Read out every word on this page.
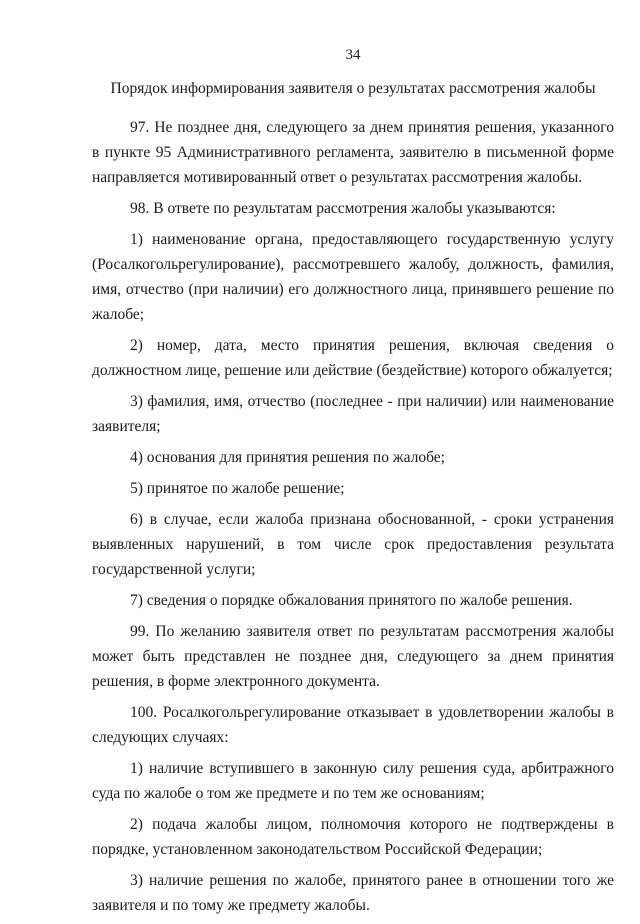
34
Порядок информирования заявителя о результатах рассмотрения жалобы

97. Не позднее дня, следующего за днем принятия решения, указанного в пункте 95 Административного регламента, заявителю в письменной форме направляется мотивированный ответ о результатах рассмотрения жалобы.

98. В ответе по результатам рассмотрения жалобы указываются:

1) наименование органа, предоставляющего государственную услугу (Росалкогольрегулирование), рассмотревшего жалобу, должность, фамилия, имя, отчество (при наличии) его должностного лица, принявшего решение по жалобе;

2) номер, дата, место принятия решения, включая сведения о должностном лице, решение или действие (бездействие) которого обжалуется;

3) фамилия, имя, отчество (последнее - при наличии) или наименование заявителя;

4) основания для принятия решения по жалобе;

5) принятое по жалобе решение;

6) в случае, если жалоба признана обоснованной, - сроки устранения выявленных нарушений, в том числе срок предоставления результата государственной услуги;

7) сведения о порядке обжалования принятого по жалобе решения.

99. По желанию заявителя ответ по результатам рассмотрения жалобы может быть представлен не позднее дня, следующего за днем принятия решения, в форме электронного документа.

100. Росалкогольрегулирование отказывает в удовлетворении жалобы в следующих случаях:

1) наличие вступившего в законную силу решения суда, арбитражного суда по жалобе о том же предмете и по тем же основаниям;

2) подача жалобы лицом, полномочия которого не подтверждены в порядке, установленном законодательством Российской Федерации;

3) наличие решения по жалобе, принятого ранее в отношении того же заявителя и по тому же предмету жалобы.
